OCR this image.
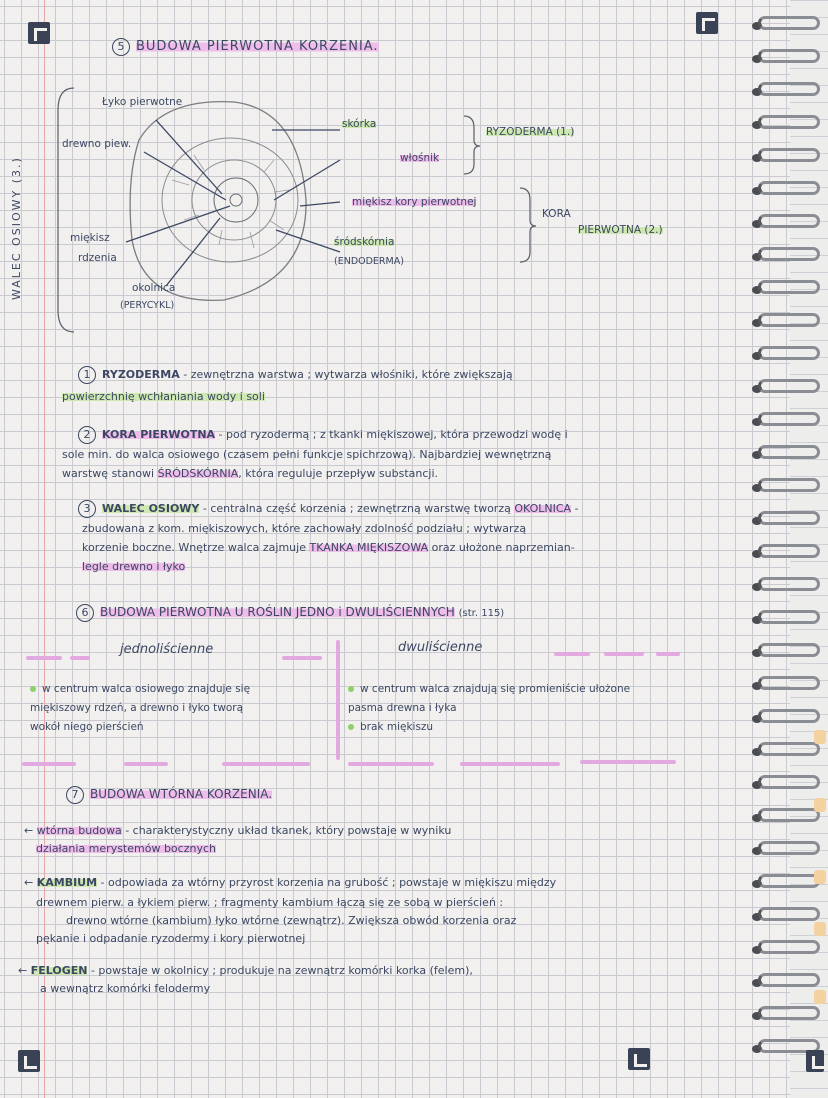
5 BUDOWA PIERWOTNA KORZENIA.
WALEC OSIOWY (3.)
Łyko pierwotne
drewno piew.
miękisz
rdzenia
okolnica
(PERYCYKL)
skórka
włośnik
miękisz kory pierwotnej
śródskórnia
(ENDODERMA)
RYZODERMA (1.)
KORA
PIERWOTNA (2.)

1 RYZODERMA - zewnętrzna warstwa ; wytwarza włośniki, które zwiększają

powierzchnię wchłaniania wody i soli

2 KORA PIERWOTNA - pod ryzodermą ; z tkanki miękiszowej, która przewodzi wodę i

sole min. do walca osiowego (czasem pełni funkcje spichrzową). Najbardziej wewnętrzną
warstwę stanowi ŚRÓDSKÓRNIA, która reguluje przepływ substancji.

3 WALEC OSIOWY - centralna część korzenia ; zewnętrzną warstwę tworzą OKOLNICA -

zbudowana z kom. miękiszowych, które zachowały zdolność podziału ; wytwarzą
korzenie boczne. Wnętrze walca zajmuje TKANKA MIĘKISZOWA oraz ułożone naprzemian-
legle drewno i łyko
6 BUDOWA PIERWOTNA U ROŚLIN JEDNO i DWULIŚCIENNYCH (str. 115)
jednoliścienne	dwuliścienne
w centrum walca osiowego znajduje się
miękiszowy rdzeń, a drewno i łyko tworą
wokół niego pierścień
w centrum walca znajdują się promieniście ułożone
pasma drewna i łyka
brak miękiszu
7 BUDOWA WTÓRNA KORZENIA.
← wtórna budowa - charakterystyczny układ tkanek, który powstaje w wyniku
działania merystemów bocznych
← KAMBIUM - odpowiada za wtórny przyrost korzenia na grubość ; powstaje w miękiszu między
drewnem pierw. a łykiem pierw. ; fragmenty kambium łączą się ze sobą w pierścień :
drewno wtórne (kambium) łyko wtórne (zewnątrz). Zwiększa obwód korzenia oraz
pękanie i odpadanie ryzodermy i kory pierwotnej
← FELOGEN - powstaje w okolnicy ; produkuje na zewnątrz komórki korka (felem),
a wewnątrz komórki felodermy
